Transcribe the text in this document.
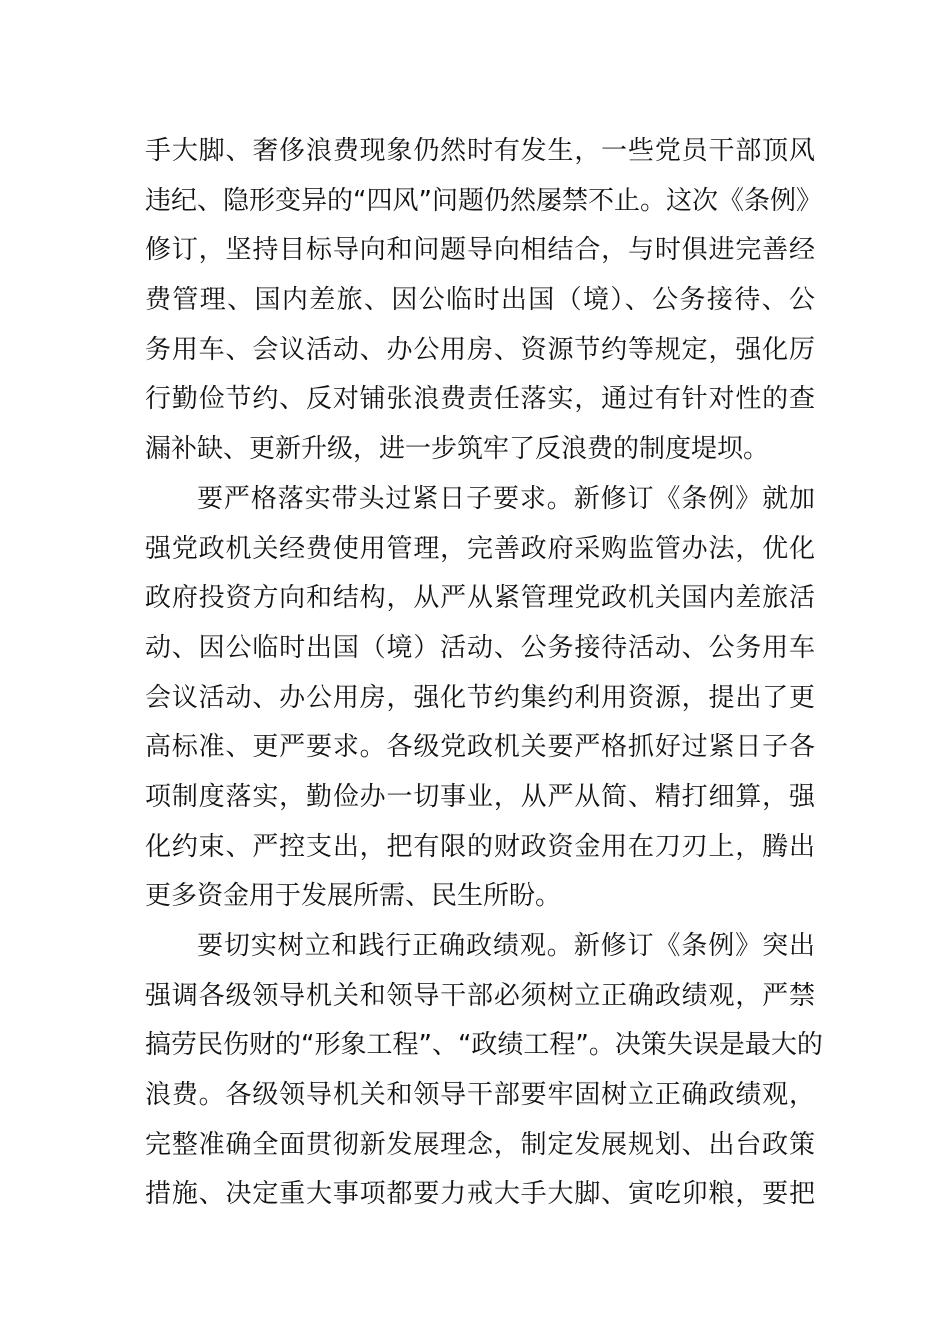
手大脚、奢侈浪费现象仍然时有发生，一些党员干部顶风
违纪、隐形变异的“四风”问题仍然屡禁不止。这次《条例》
修订，坚持目标导向和问题导向相结合，与时俱进完善经
费管理、国内差旅、因公临时出国（境）、公务接待、公
务用车、会议活动、办公用房、资源节约等规定，强化厉
行勤俭节约、反对铺张浪费责任落实，通过有针对性的查
漏补缺、更新升级，进一步筑牢了反浪费的制度堤坝。
要严格落实带头过紧日子要求。新修订《条例》就加
强党政机关经费使用管理，完善政府采购监管办法，优化
政府投资方向和结构，从严从紧管理党政机关国内差旅活
动、因公临时出国（境）活动、公务接待活动、公务用车
会议活动、办公用房，强化节约集约利用资源，提出了更
高标准、更严要求。各级党政机关要严格抓好过紧日子各
项制度落实，勤俭办一切事业，从严从简、精打细算，强
化约束、严控支出，把有限的财政资金用在刀刃上，腾出
更多资金用于发展所需、民生所盼。
要切实树立和践行正确政绩观。新修订《条例》突出
强调各级领导机关和领导干部必须树立正确政绩观，严禁
搞劳民伤财的“形象工程”、“政绩工程”。决策失误是最大的
浪费。各级领导机关和领导干部要牢固树立正确政绩观，
完整准确全面贯彻新发展理念，制定发展规划、出台政策
措施、决定重大事项都要力戒大手大脚、寅吃卯粮，要把
